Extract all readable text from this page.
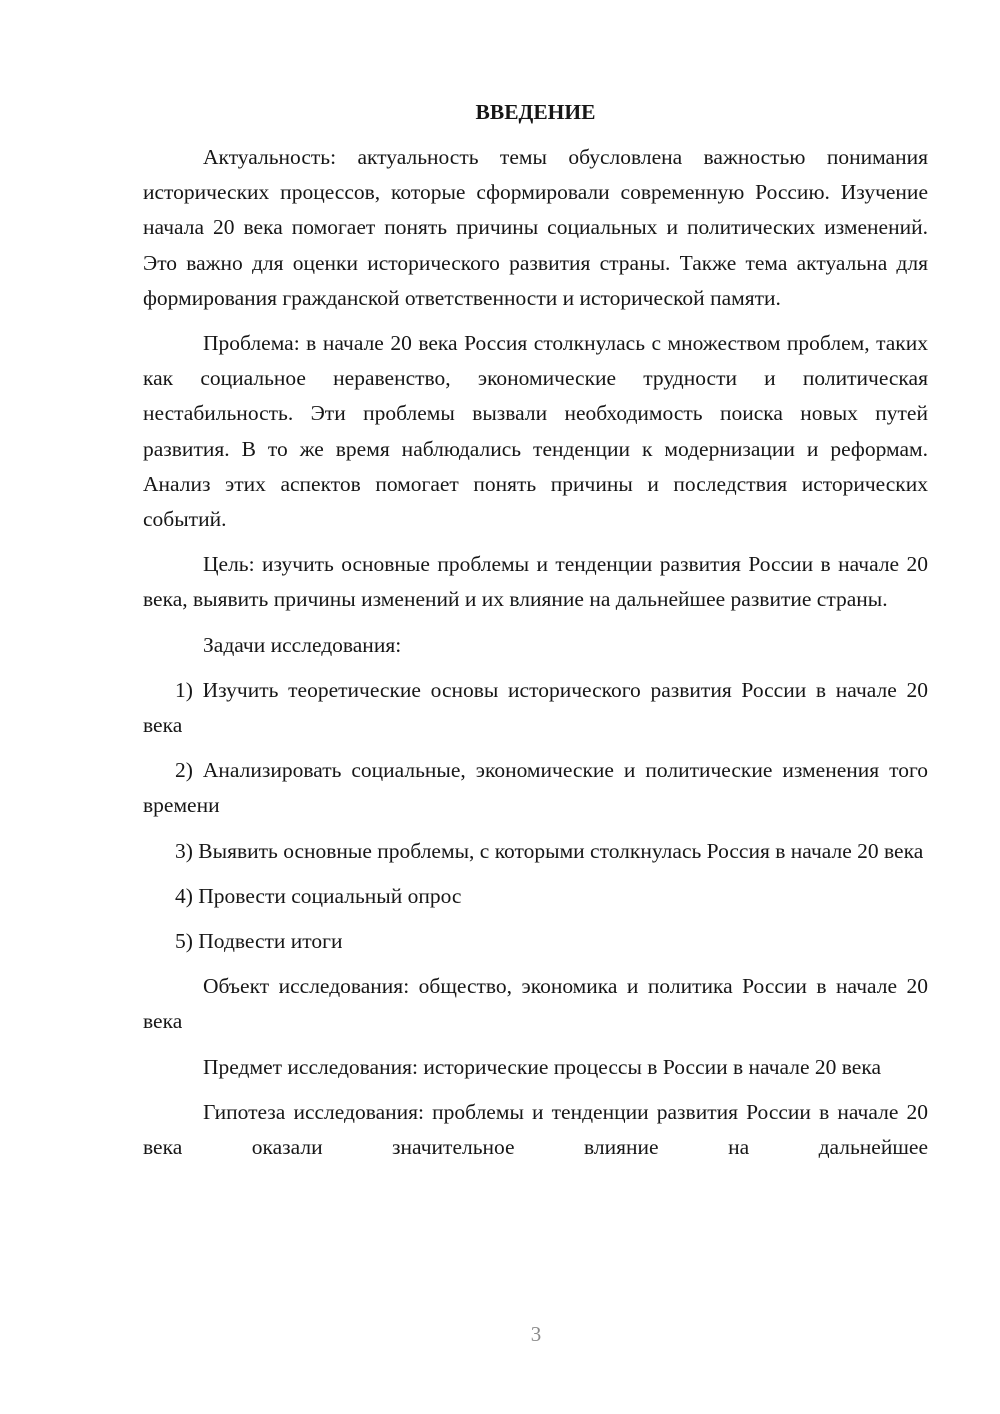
ВВЕДЕНИЕ
Актуальность: актуальность темы обусловлена важностью понимания исторических процессов, которые сформировали современную Россию. Изучение начала 20 века помогает понять причины социальных и политических изменений. Это важно для оценки исторического развития страны. Также тема актуальна для формирования гражданской ответственности и исторической памяти.
Проблема: в начале 20 века Россия столкнулась с множеством проблем, таких как социальное неравенство, экономические трудности и политическая нестабильность. Эти проблемы вызвали необходимость поиска новых путей развития. В то же время наблюдались тенденции к модернизации и реформам. Анализ этих аспектов помогает понять причины и последствия исторических событий.
Цель: изучить основные проблемы и тенденции развития России в начале 20 века, выявить причины изменений и их влияние на дальнейшее развитие страны.
Задачи исследования:
1) Изучить теоретические основы исторического развития России в начале 20 века
2) Анализировать социальные, экономические и политические изменения того времени
3) Выявить основные проблемы, с которыми столкнулась Россия в начале 20 века
4) Провести социальный опрос
5) Подвести итоги
Объект исследования: общество, экономика и политика России в начале 20 века
Предмет исследования: исторические процессы в России в начале 20 века
Гипотеза исследования: проблемы и тенденции развития России в начале 20 века оказали значительное влияние на дальнейшее
3
